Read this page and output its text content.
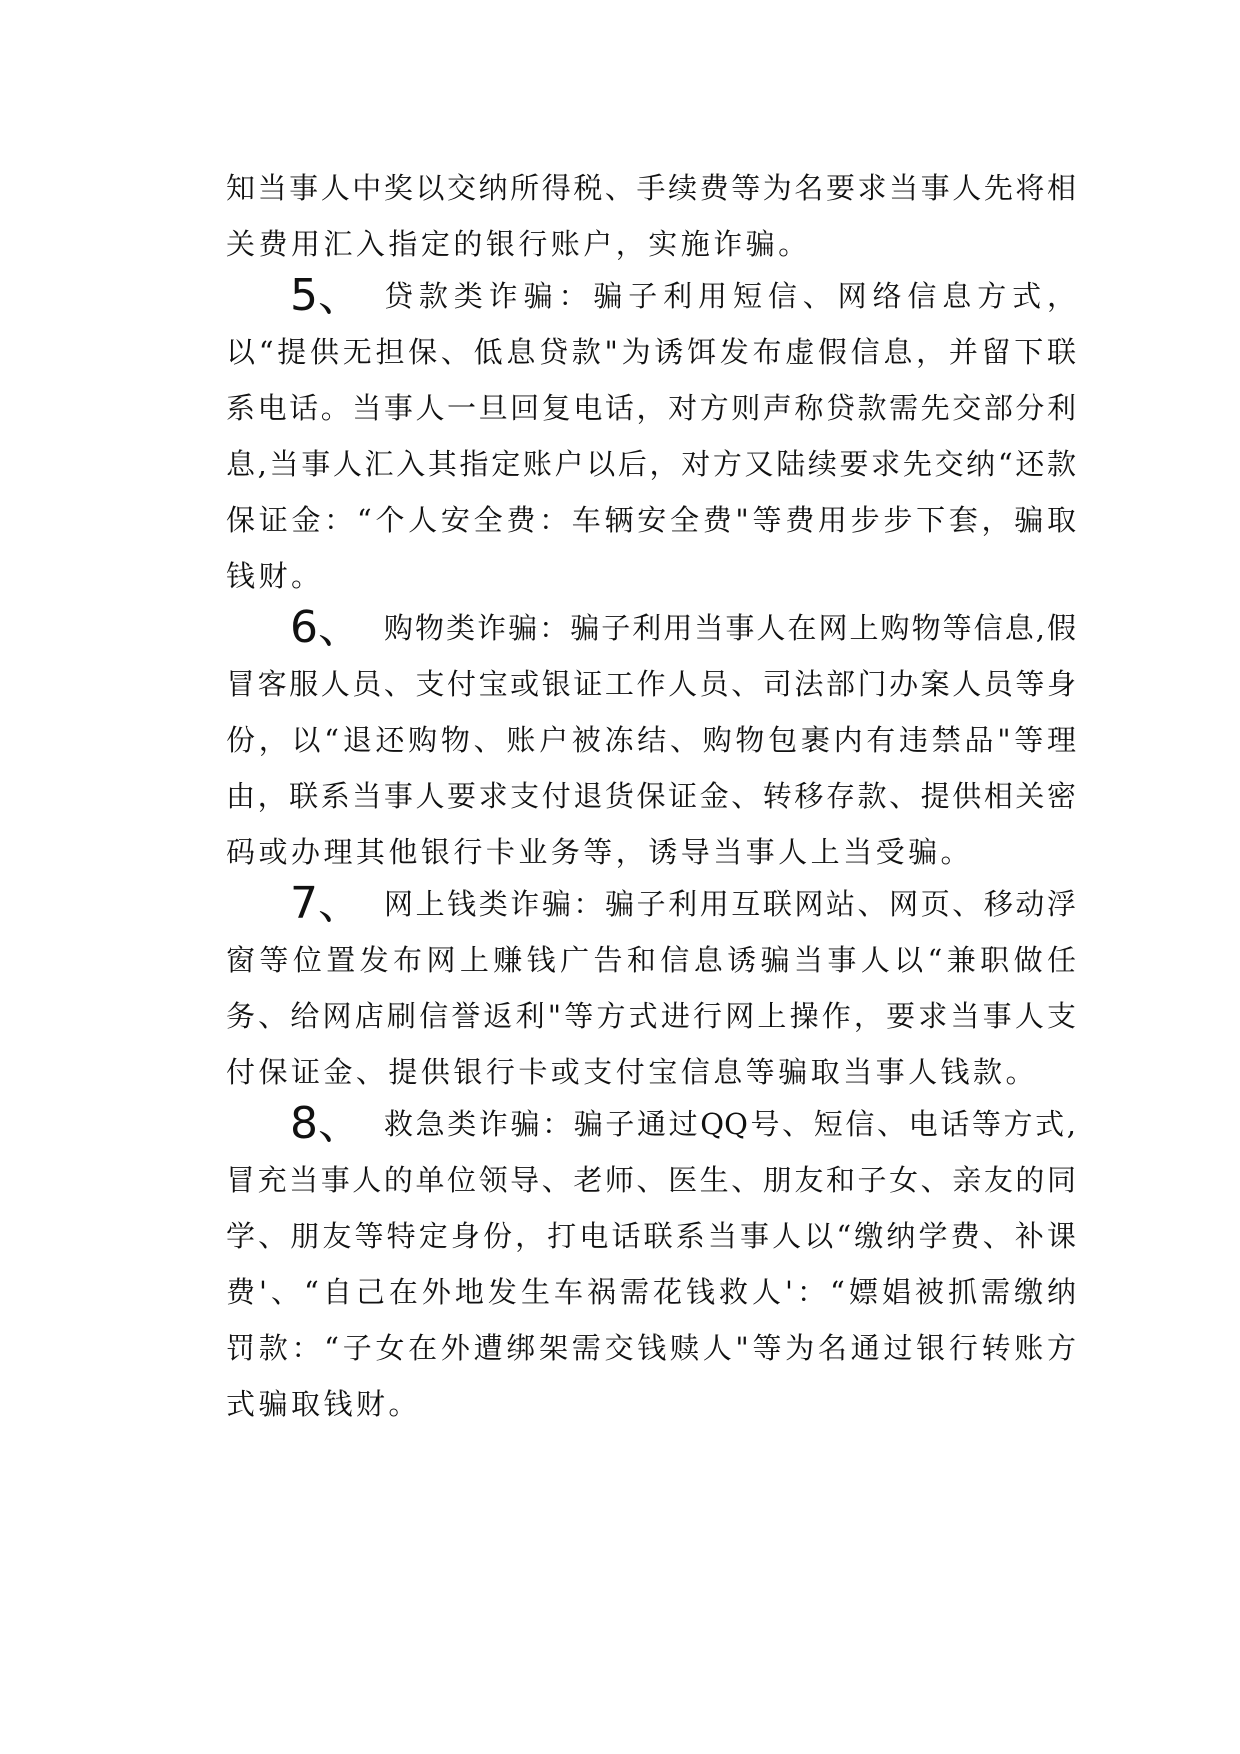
知当事人中奖以交纳所得税、手续费等为名要求当事人先将相
关费用汇入指定的银行账户，实施诈骗。
5、 贷款类诈骗：骗子利用短信、网络信息方式，
以“提供无担保、低息贷款"为诱饵发布虚假信息，并留下联
系电话。当事人一旦回复电话，对方则声称贷款需先交部分利
息,当事人汇入其指定账户以后，对方又陆续要求先交纳“还款
保证金：“个人安全费：车辆安全费"等费用步步下套，骗取
钱财。
6、 购物类诈骗：骗子利用当事人在网上购物等信息,假
冒客服人员、支付宝或银证工作人员、司法部门办案人员等身
份，以“退还购物、账户被冻结、购物包裹内有违禁品"等理
由，联系当事人要求支付退货保证金、转移存款、提供相关密
码或办理其他银行卡业务等，诱导当事人上当受骗。
7、 网上钱类诈骗：骗子利用互联网站、网页、移动浮
窗等位置发布网上赚钱广告和信息诱骗当事人以“兼职做任
务、给网店刷信誉返利"等方式进行网上操作，要求当事人支
付保证金、提供银行卡或支付宝信息等骗取当事人钱款。
8、 救急类诈骗：骗子通过QQ号、短信、电话等方式,
冒充当事人的单位领导、老师、医生、朋友和子女、亲友的同
学、朋友等特定身份，打电话联系当事人以“缴纳学费、补课
费'、“自己在外地发生车祸需花钱救人'：“嫖娼被抓需缴纳
罚款：“子女在外遭绑架需交钱赎人"等为名通过银行转账方
式骗取钱财。
